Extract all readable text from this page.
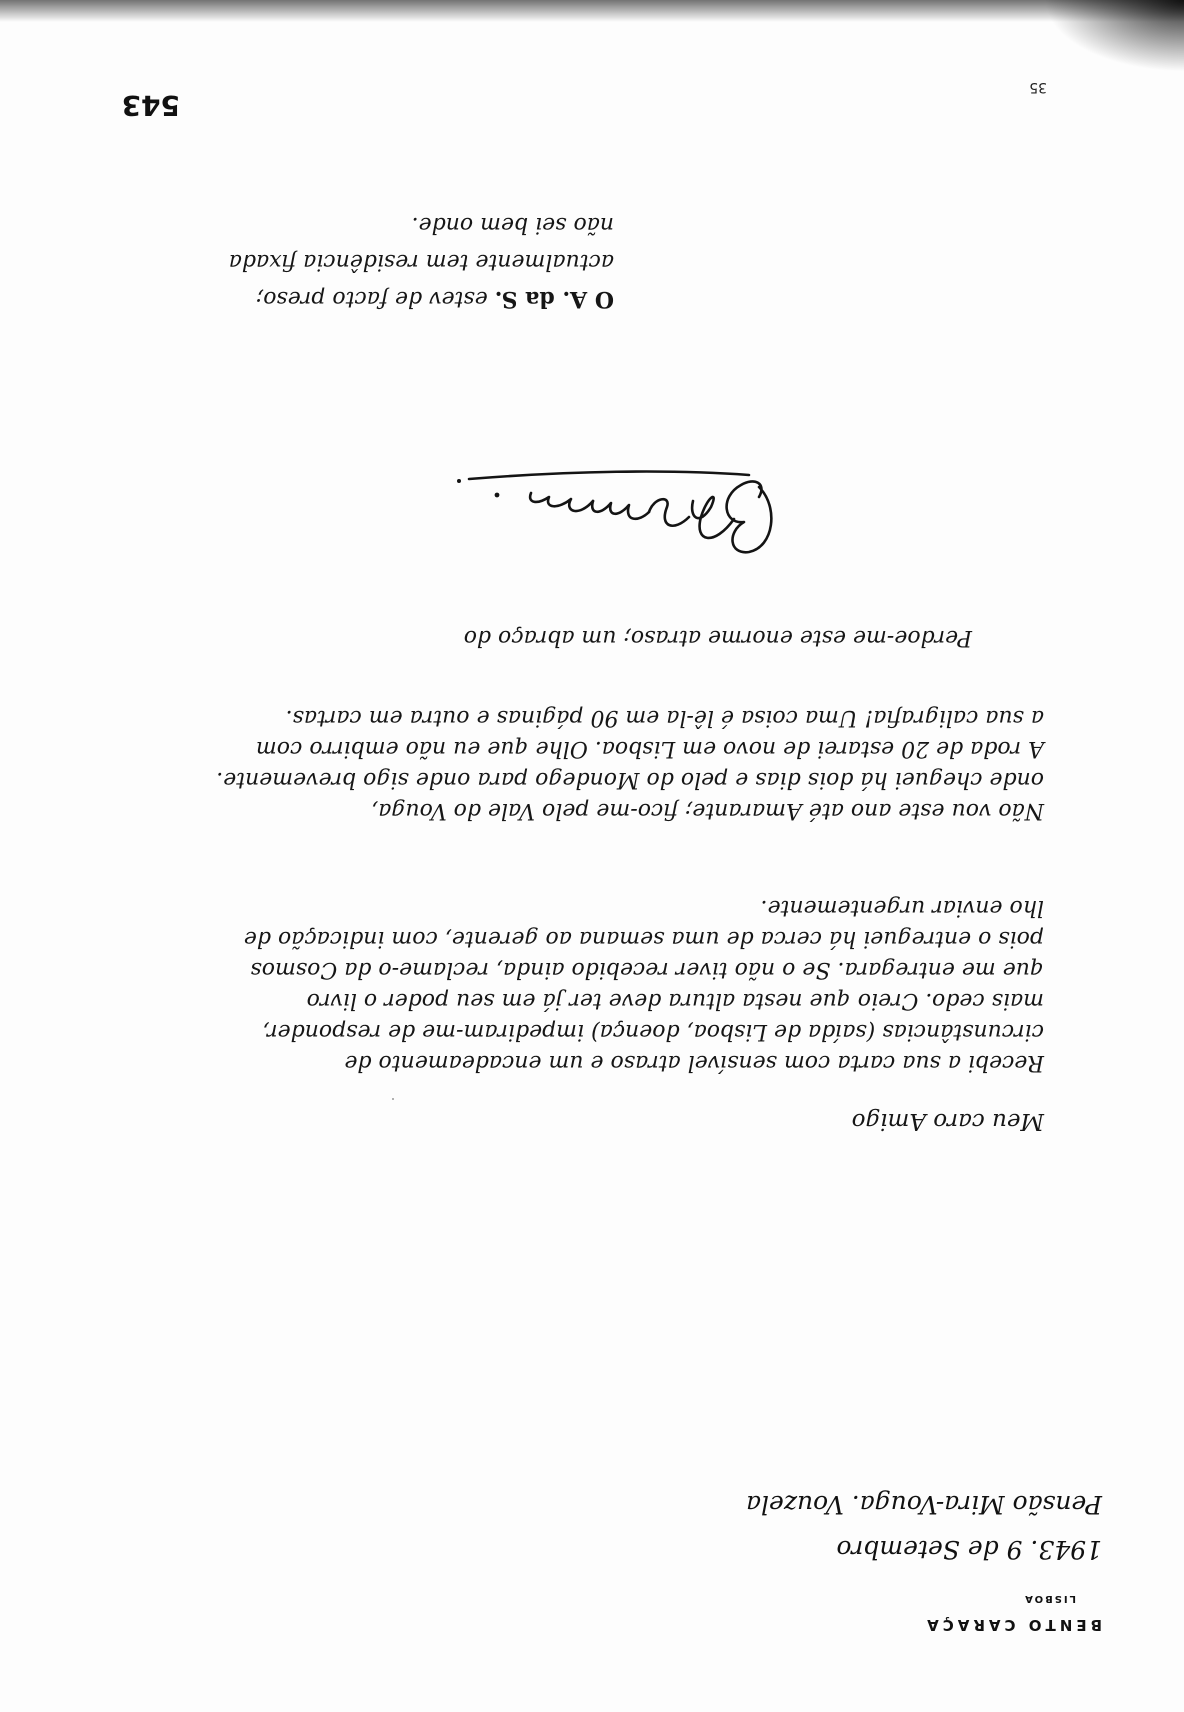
BENTO CARAÇA
LISBOA
1943. 9 de Setembro
Pensão Mira-Vouga. Vouzela
Meu caro Amigo
Recebi a sua carta com sensível atraso e um encadeamento de
circunstâncias (saída de Lisboa, doença) impediram-me de responder,
mais cedo. Creio que nesta altura deve ter já em seu poder o livro
que me entregara. Se o não tiver recebido ainda, reclame-o da Cosmos
pois o entreguei há cerca de uma semana ao gerente, com indicação de
lho enviar urgentemente.
Não vou este ano até Amarante; fico-me pelo Vale do Vouga,
onde cheguei há dois dias e pelo do Mondego para onde sigo brevemente.
A roda de 20 estarei de novo em Lisboa. Olhe que eu não embirro com
a sua caligrafia! Uma coisa é lê-la em 90 páginas e outra em cartas.
Perdoe-me este enorme atraso; um abraço do
O A. da S. estev de facto preso;
actualmente tem residência fixada
não sei bem onde.
543
35
